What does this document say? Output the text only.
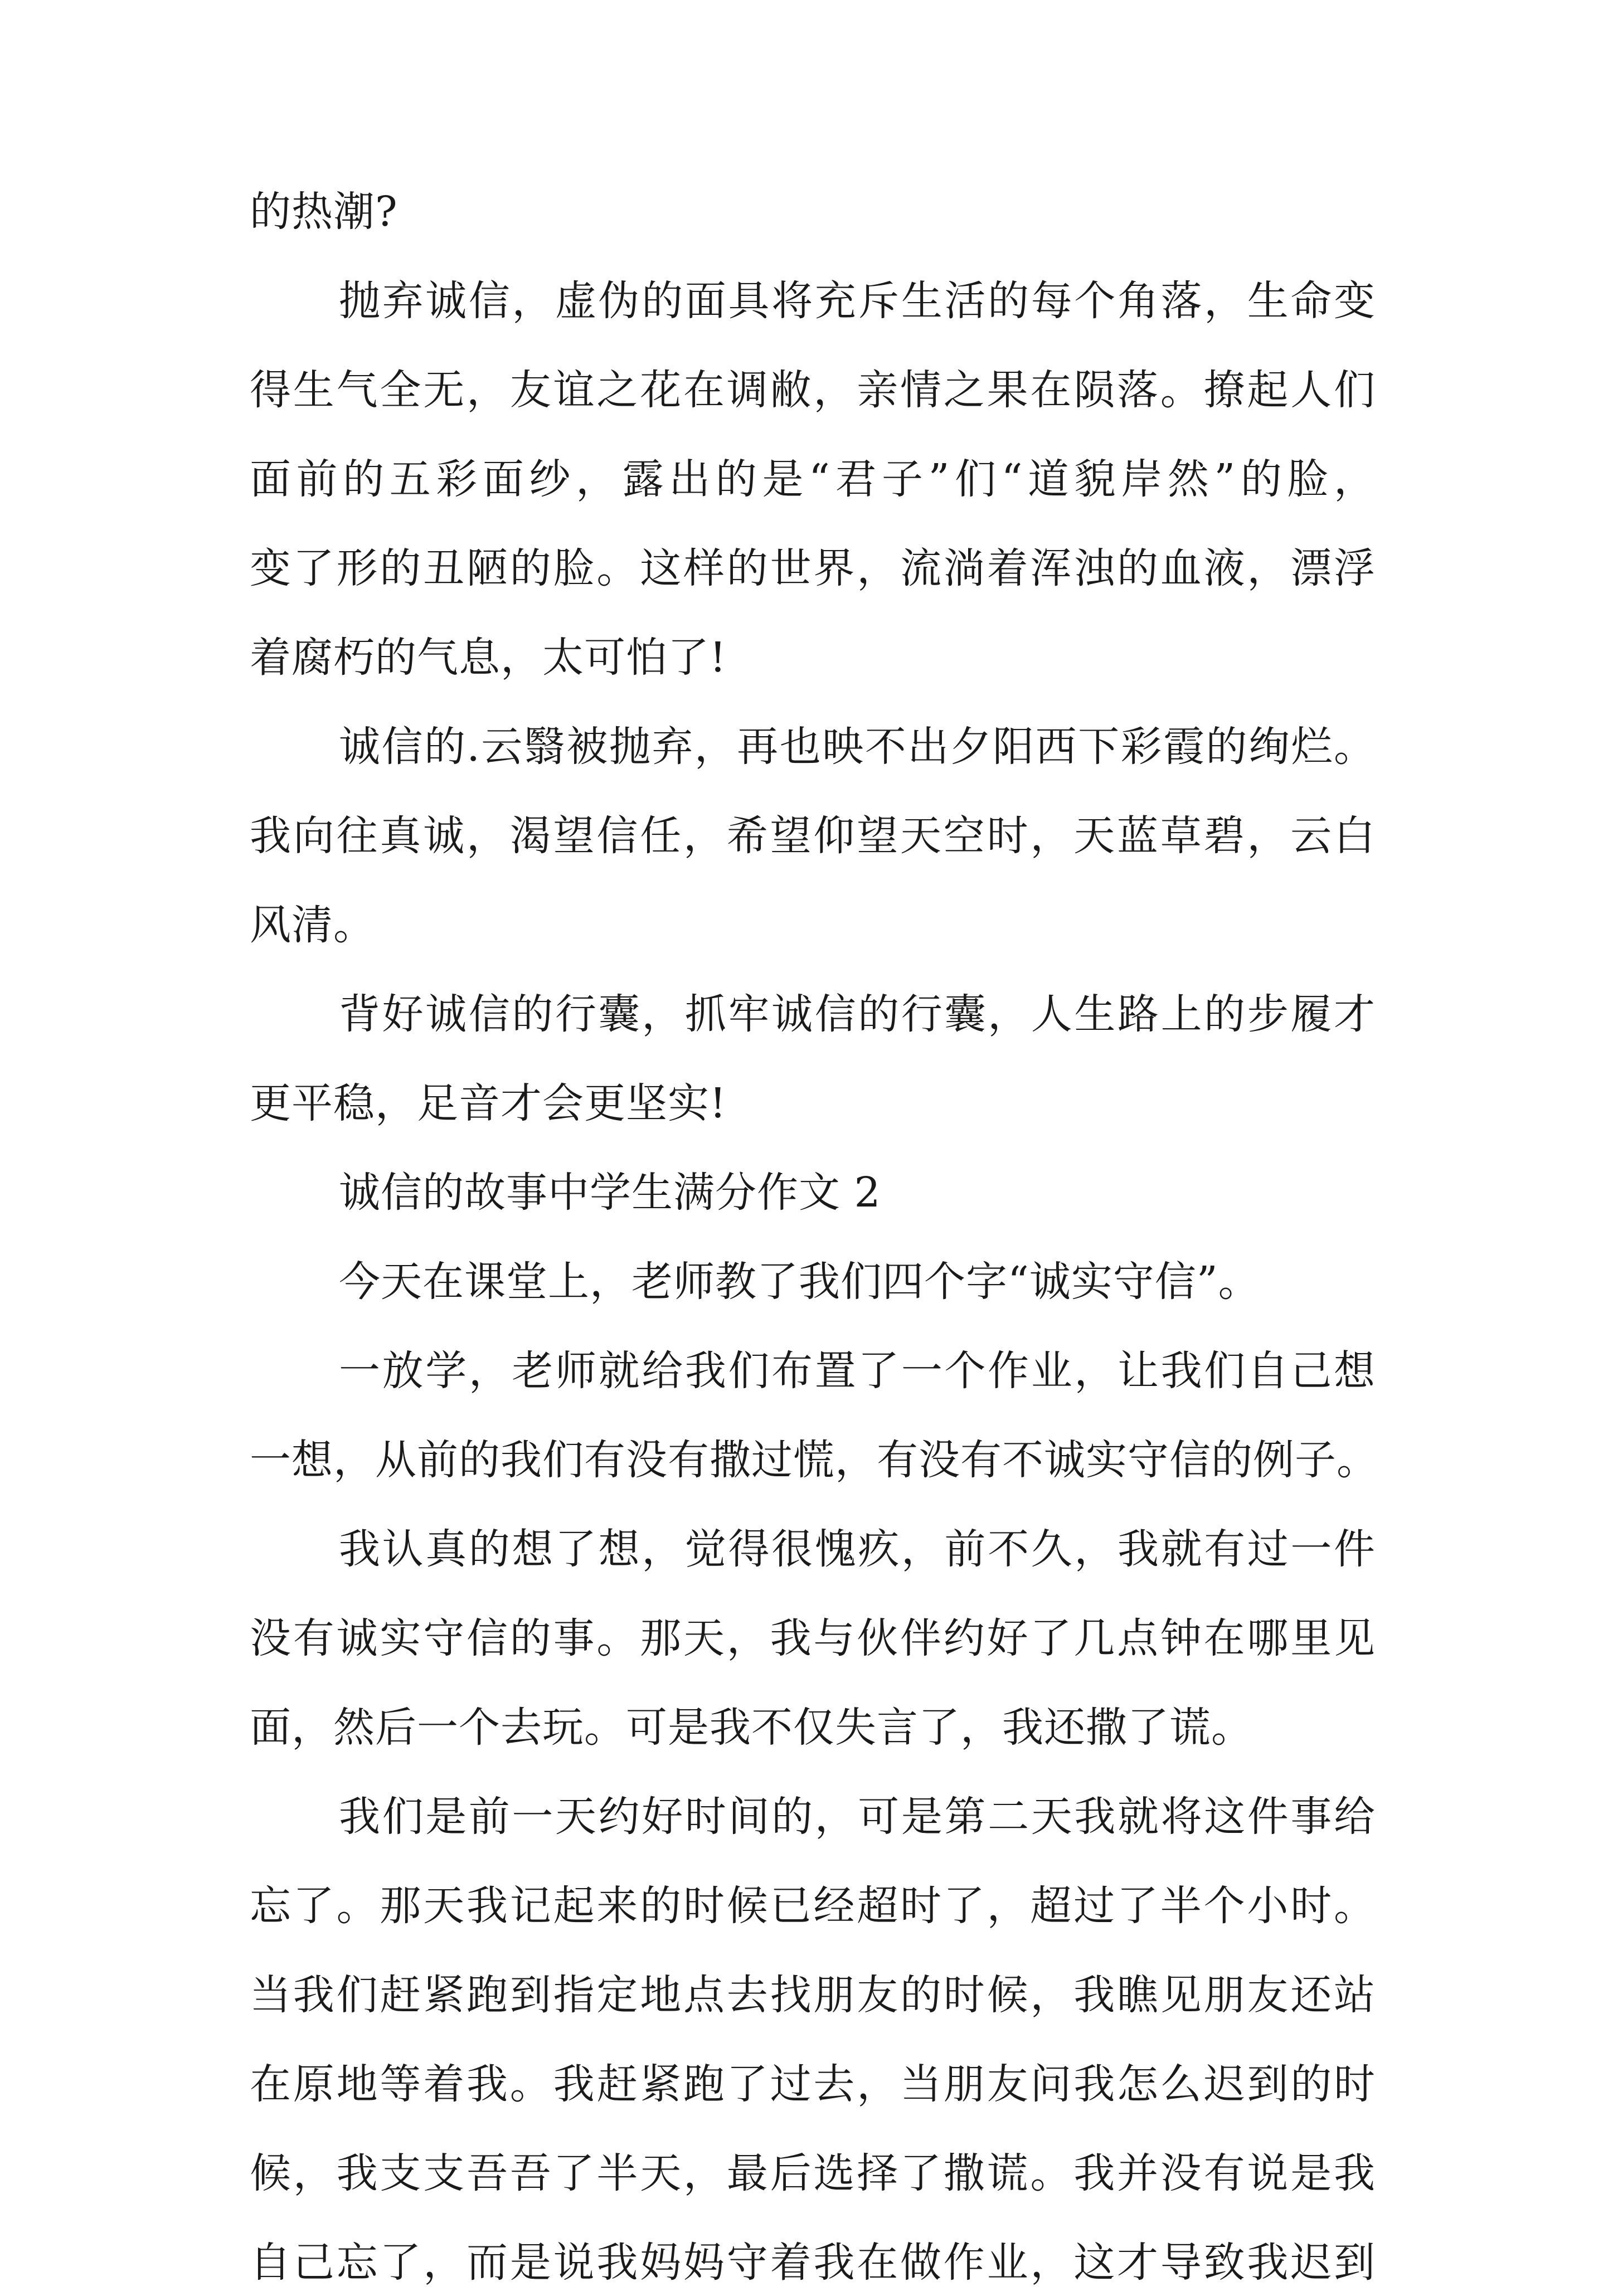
的热潮?
抛弃诚信，虚伪的面具将充斥生活的每个角落，生命变
得生气全无，友谊之花在调敝，亲情之果在陨落。撩起人们
面前的五彩面纱，露出的是“君子”们“道貌岸然”的脸，
变了形的丑陋的脸。这样的世界，流淌着浑浊的血液，漂浮
着腐朽的气息，太可怕了!
诚信的.云翳被抛弃，再也映不出夕阳西下彩霞的绚烂。
我向往真诚，渴望信任，希望仰望天空时，天蓝草碧，云白
风清。
背好诚信的行囊，抓牢诚信的行囊，人生路上的步履才
更平稳，足音才会更坚实!
诚信的故事中学生满分作文 2
今天在课堂上，老师教了我们四个字“诚实守信”。
一放学，老师就给我们布置了一个作业，让我们自己想
一想，从前的我们有没有撒过慌，有没有不诚实守信的例子。
我认真的想了想，觉得很愧疚，前不久，我就有过一件
没有诚实守信的事。那天，我与伙伴约好了几点钟在哪里见
面，然后一个去玩。可是我不仅失言了，我还撒了谎。
我们是前一天约好时间的，可是第二天我就将这件事给
忘了。那天我记起来的时候已经超时了，超过了半个小时。
当我们赶紧跑到指定地点去找朋友的时候，我瞧见朋友还站
在原地等着我。我赶紧跑了过去，当朋友问我怎么迟到的时
候，我支支吾吾了半天，最后选择了撒谎。我并没有说是我
自己忘了，而是说我妈妈守着我在做作业，这才导致我迟到
